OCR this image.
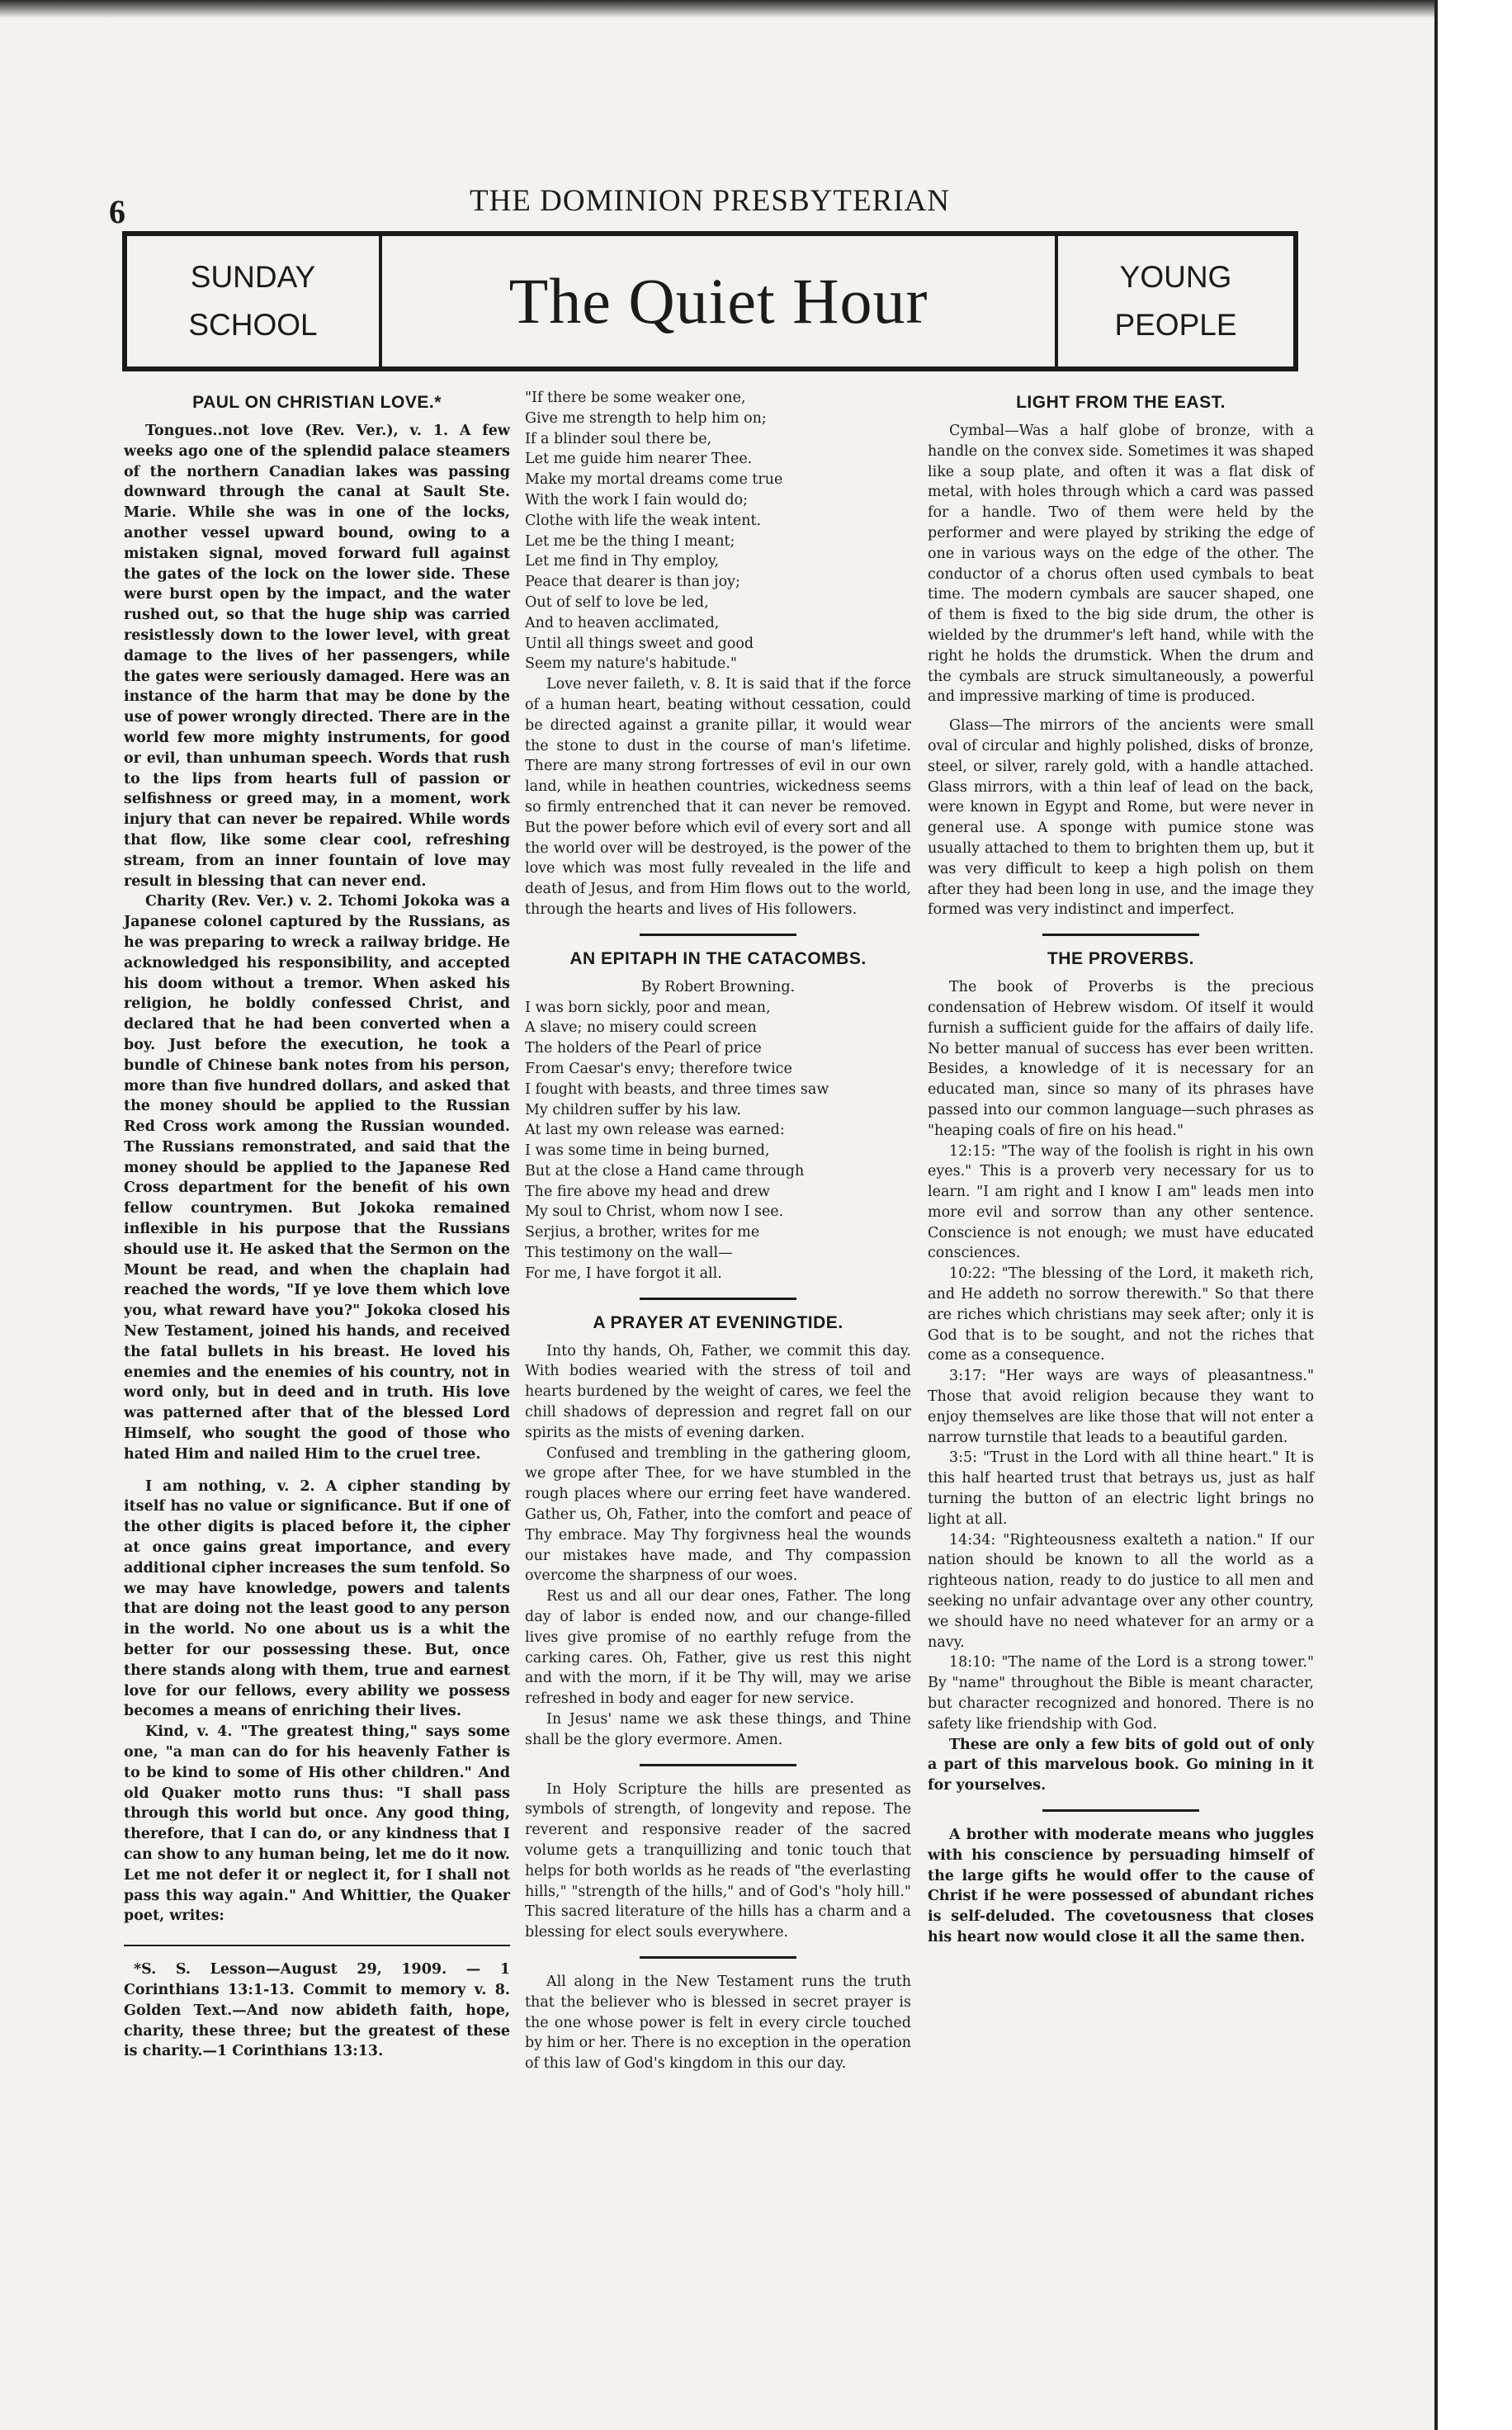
6	THE DOMINION PRESBYTERIAN
SUNDAY
SCHOOL	The Quiet Hour	YOUNG
PEOPLE
PAUL ON CHRISTIAN LOVE.*

Tongues..not love (Rev. Ver.), v. 1. A few weeks ago one of the splendid palace steamers of the northern Canadian lakes was passing downward through the canal at Sault Ste. Marie. While she was in one of the locks, another vessel upward bound, owing to a mistaken signal, moved forward full against the gates of the lock on the lower side. These were burst open by the impact, and the water rushed out, so that the huge ship was carried resistlessly down to the lower level, with great damage to the lives of her passengers, while the gates were seriously damaged. Here was an instance of the harm that may be done by the use of power wrongly directed. There are in the world few more mighty instruments, for good or evil, than unhuman speech. Words that rush to the lips from hearts full of passion or selfishness or greed may, in a moment, work injury that can never be repaired. While words that flow, like some clear cool, refreshing stream, from an inner fountain of love may result in blessing that can never end.

Charity (Rev. Ver.) v. 2. Tchomi Jokoka was a Japanese colonel captured by the Russians, as he was preparing to wreck a railway bridge. He acknowledged his responsibility, and accepted his doom without a tremor. When asked his religion, he boldly confessed Christ, and declared that he had been converted when a boy. Just before the execution, he took a bundle of Chinese bank notes from his person, more than five hundred dollars, and asked that the money should be applied to the Russian Red Cross work among the Russian wounded. The Russians remonstrated, and said that the money should be applied to the Japanese Red Cross department for the benefit of his own fellow countrymen. But Jokoka remained inflexible in his purpose that the Russians should use it. He asked that the Sermon on the Mount be read, and when the chaplain had reached the words, "If ye love them which love you, what reward have you?" Jokoka closed his New Testament, joined his hands, and received the fatal bullets in his breast. He loved his enemies and the enemies of his country, not in word only, but in deed and in truth. His love was patterned after that of the blessed Lord Himself, who sought the good of those who hated Him and nailed Him to the cruel tree.

I am nothing, v. 2. A cipher standing by itself has no value or significance. But if one of the other digits is placed before it, the cipher at once gains great importance, and every additional cipher increases the sum tenfold. So we may have knowledge, powers and talents that are doing not the least good to any person in the world. No one about us is a whit the better for our possessing these. But, once there stands along with them, true and earnest love for our fellows, every ability we possess becomes a means of enriching their lives.

Kind, v. 4. "The greatest thing," says some one, "a man can do for his heavenly Father is to be kind to some of His other children." And old Quaker motto runs thus: "I shall pass through this world but once. Any good thing, therefore, that I can do, or any kindness that I can show to any human being, let me do it now. Let me not defer it or neglect it, for I shall not pass this way again." And Whittier, the Quaker poet, writes:

*S. S. Lesson—August 29, 1909. — 1 Corinthians 13:1-13. Commit to memory v. 8. Golden Text.—And now abideth faith, hope, charity, these three; but the greatest of these is charity.—1 Corinthians 13:13.

"If there be some weaker one,

Give me strength to help him on;

If a blinder soul there be,

Let me guide him nearer Thee.

Make my mortal dreams come true

With the work I fain would do;

Clothe with life the weak intent.

Let me be the thing I meant;

Let me find in Thy employ,

Peace that dearer is than joy;

Out of self to love be led,

And to heaven acclimated,

Until all things sweet and good

Seem my nature's habitude."

Love never faileth, v. 8. It is said that if the force of a human heart, beating without cessation, could be directed against a granite pillar, it would wear the stone to dust in the course of man's lifetime. There are many strong fortresses of evil in our own land, while in heathen countries, wickedness seems so firmly entrenched that it can never be removed. But the power before which evil of every sort and all the world over will be destroyed, is the power of the love which was most fully revealed in the life and death of Jesus, and from Him flows out to the world, through the hearts and lives of His followers.

AN EPITAPH IN THE CATACOMBS.

By Robert Browning.

I was born sickly, poor and mean,

A slave; no misery could screen

The holders of the Pearl of price

From Caesar's envy; therefore twice

I fought with beasts, and three times saw

My children suffer by his law.

At last my own release was earned:

I was some time in being burned,

But at the close a Hand came through

The fire above my head and drew

My soul to Christ, whom now I see.

Serjius, a brother, writes for me

This testimony on the wall—

For me, I have forgot it all.

A PRAYER AT EVENINGTIDE.

Into thy hands, Oh, Father, we commit this day. With bodies wearied with the stress of toil and hearts burdened by the weight of cares, we feel the chill shadows of depression and regret fall on our spirits as the mists of evening darken.

Confused and trembling in the gathering gloom, we grope after Thee, for we have stumbled in the rough places where our erring feet have wandered. Gather us, Oh, Father, into the comfort and peace of Thy embrace. May Thy forgivness heal the wounds our mistakes have made, and Thy compassion overcome the sharpness of our woes.

Rest us and all our dear ones, Father. The long day of labor is ended now, and our change-filled lives give promise of no earthly refuge from the carking cares. Oh, Father, give us rest this night and with the morn, if it be Thy will, may we arise refreshed in body and eager for new service.

In Jesus' name we ask these things, and Thine shall be the glory evermore. Amen.

In Holy Scripture the hills are presented as symbols of strength, of longevity and repose. The reverent and responsive reader of the sacred volume gets a tranquillizing and tonic touch that helps for both worlds as he reads of "the everlasting hills," "strength of the hills," and of God's "holy hill." This sacred literature of the hills has a charm and a blessing for elect souls everywhere.

All along in the New Testament runs the truth that the believer who is blessed in secret prayer is the one whose power is felt in every circle touched by him or her. There is no exception in the operation of this law of God's kingdom in this our day.

LIGHT FROM THE EAST.

Cymbal—Was a half globe of bronze, with a handle on the convex side. Sometimes it was shaped like a soup plate, and often it was a flat disk of metal, with holes through which a card was passed for a handle. Two of them were held by the performer and were played by striking the edge of one in various ways on the edge of the other. The conductor of a chorus often used cymbals to beat time. The modern cymbals are saucer shaped, one of them is fixed to the big side drum, the other is wielded by the drummer's left hand, while with the right he holds the drumstick. When the drum and the cymbals are struck simultaneously, a powerful and impressive marking of time is produced.

Glass—The mirrors of the ancients were small oval of circular and highly polished, disks of bronze, steel, or silver, rarely gold, with a handle attached. Glass mirrors, with a thin leaf of lead on the back, were known in Egypt and Rome, but were never in general use. A sponge with pumice stone was usually attached to them to brighten them up, but it was very difficult to keep a high polish on them after they had been long in use, and the image they formed was very indistinct and imperfect.

THE PROVERBS.

The book of Proverbs is the precious condensation of Hebrew wisdom. Of itself it would furnish a sufficient guide for the affairs of daily life. No better manual of success has ever been written. Besides, a knowledge of it is necessary for an educated man, since so many of its phrases have passed into our common language—such phrases as "heaping coals of fire on his head."

12:15: "The way of the foolish is right in his own eyes." This is a proverb very necessary for us to learn. "I am right and I know I am" leads men into more evil and sorrow than any other sentence. Conscience is not enough; we must have educated consciences.

10:22: "The blessing of the Lord, it maketh rich, and He addeth no sorrow therewith." So that there are riches which christians may seek after; only it is God that is to be sought, and not the riches that come as a consequence.

3:17: "Her ways are ways of pleasantness." Those that avoid religion because they want to enjoy themselves are like those that will not enter a narrow turnstile that leads to a beautiful garden.

3:5: "Trust in the Lord with all thine heart." It is this half hearted trust that betrays us, just as half turning the button of an electric light brings no light at all.

14:34: "Righteousness exalteth a nation." If our nation should be known to all the world as a righteous nation, ready to do justice to all men and seeking no unfair advantage over any other country, we should have no need whatever for an army or a navy.

18:10: "The name of the Lord is a strong tower." By "name" throughout the Bible is meant character, but character recognized and honored. There is no safety like friendship with God.

These are only a few bits of gold out of only a part of this marvelous book. Go mining in it for yourselves.

A brother with moderate means who juggles with his conscience by persuading himself of the large gifts he would offer to the cause of Christ if he were possessed of abundant riches is self-deluded. The covetousness that closes his heart now would close it all the same then.
